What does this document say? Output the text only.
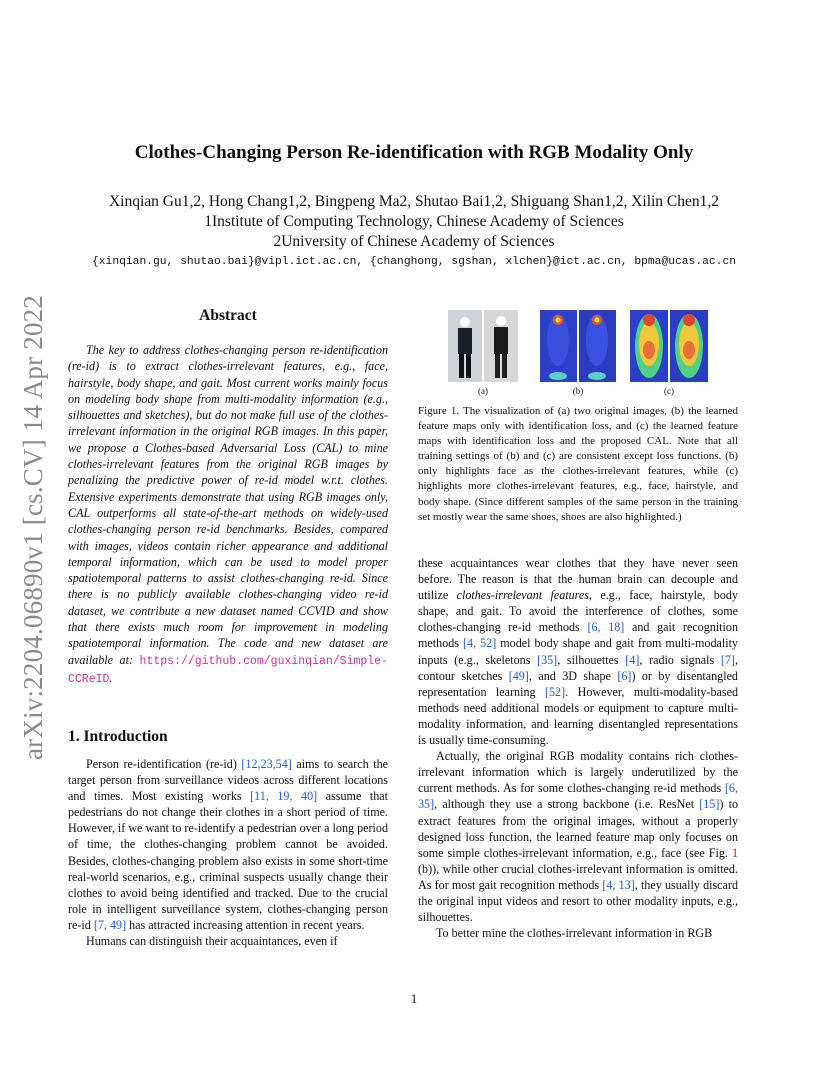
arXiv:2204.06890v1 [cs.CV] 14 Apr 2022
Clothes-Changing Person Re-identification with RGB Modality Only
Xinqian Gu1,2, Hong Chang1,2, Bingpeng Ma2, Shutao Bai1,2, Shiguang Shan1,2, Xilin Chen1,2
1Institute of Computing Technology, Chinese Academy of Sciences
2University of Chinese Academy of Sciences
{xinqian.gu, shutao.bai}@vipl.ict.ac.cn, {changhong, sgshan, xlchen}@ict.ac.cn, bpma@ucas.ac.cn
Abstract
The key to address clothes-changing person re-identification (re-id) is to extract clothes-irrelevant features, e.g., face, hairstyle, body shape, and gait. Most current works mainly focus on modeling body shape from multi-modality information (e.g., silhouettes and sketches), but do not make full use of the clothes-irrelevant information in the original RGB images. In this paper, we propose a Clothes-based Adversarial Loss (CAL) to mine clothes-irrelevant features from the original RGB images by penalizing the predictive power of re-id model w.r.t. clothes. Extensive experiments demonstrate that using RGB images only, CAL outperforms all state-of-the-art methods on widely-used clothes-changing person re-id benchmarks. Besides, compared with images, videos contain richer appearance and additional temporal information, which can be used to model proper spatiotemporal patterns to assist clothes-changing re-id. Since there is no publicly available clothes-changing video re-id dataset, we contribute a new dataset named CCVID and show that there exists much room for improvement in modeling spatiotemporal information. The code and new dataset are available at: https://github.com/guxinqian/Simple-CCReID.
1. Introduction

Person re-identification (re-id) [12,23,54] aims to search the target person from surveillance videos across different locations and times. Most existing works [11, 19, 40] assume that pedestrians do not change their clothes in a short period of time. However, if we want to re-identify a pedestrian over a long period of time, the clothes-changing problem cannot be avoided. Besides, clothes-changing problem also exists in some short-time real-world scenarios, e.g., criminal suspects usually change their clothes to avoid being identified and tracked. Due to the crucial role in intelligent surveillance system, clothes-changing person re-id [7, 49] has attracted increasing attention in recent years.

Humans can distinguish their acquaintances, even if

(a)	(b)	(c)
Figure 1. The visualization of (a) two original images, (b) the learned feature maps only with identification loss, and (c) the learned feature maps with identification loss and the proposed CAL. Note that all training settings of (b) and (c) are consistent except loss functions. (b) only highlights face as the clothes-irrelevant features, while (c) highlights more clothes-irrelevant features, e.g., face, hairstyle, and body shape. (Since different samples of the same person in the training set mostly wear the same shoes, shoes are also highlighted.)

these acquaintances wear clothes that they have never seen before. The reason is that the human brain can decouple and utilize clothes-irrelevant features, e.g., face, hairstyle, body shape, and gait. To avoid the interference of clothes, some clothes-changing re-id methods [6, 18] and gait recognition methods [4, 52] model body shape and gait from multi-modality inputs (e.g., skeletons [35], silhouettes [4], radio signals [7], contour sketches [49], and 3D shape [6]) or by disentangled representation learning [52]. However, multi-modality-based methods need additional models or equipment to capture multi-modality information, and learning disentangled representations is usually time-consuming.

Actually, the original RGB modality contains rich clothes-irrelevant information which is largely underutilized by the current methods. As for some clothes-changing re-id methods [6, 35], although they use a strong backbone (i.e. ResNet [15]) to extract features from the original images, without a properly designed loss function, the learned feature map only focuses on some simple clothes-irrelevant information, e.g., face (see Fig. 1 (b)), while other crucial clothes-irrelevant information is omitted. As for most gait recognition methods [4, 13], they usually discard the original input videos and resort to other modality inputs, e.g., silhouettes.

To better mine the clothes-irrelevant information in RGB

1
